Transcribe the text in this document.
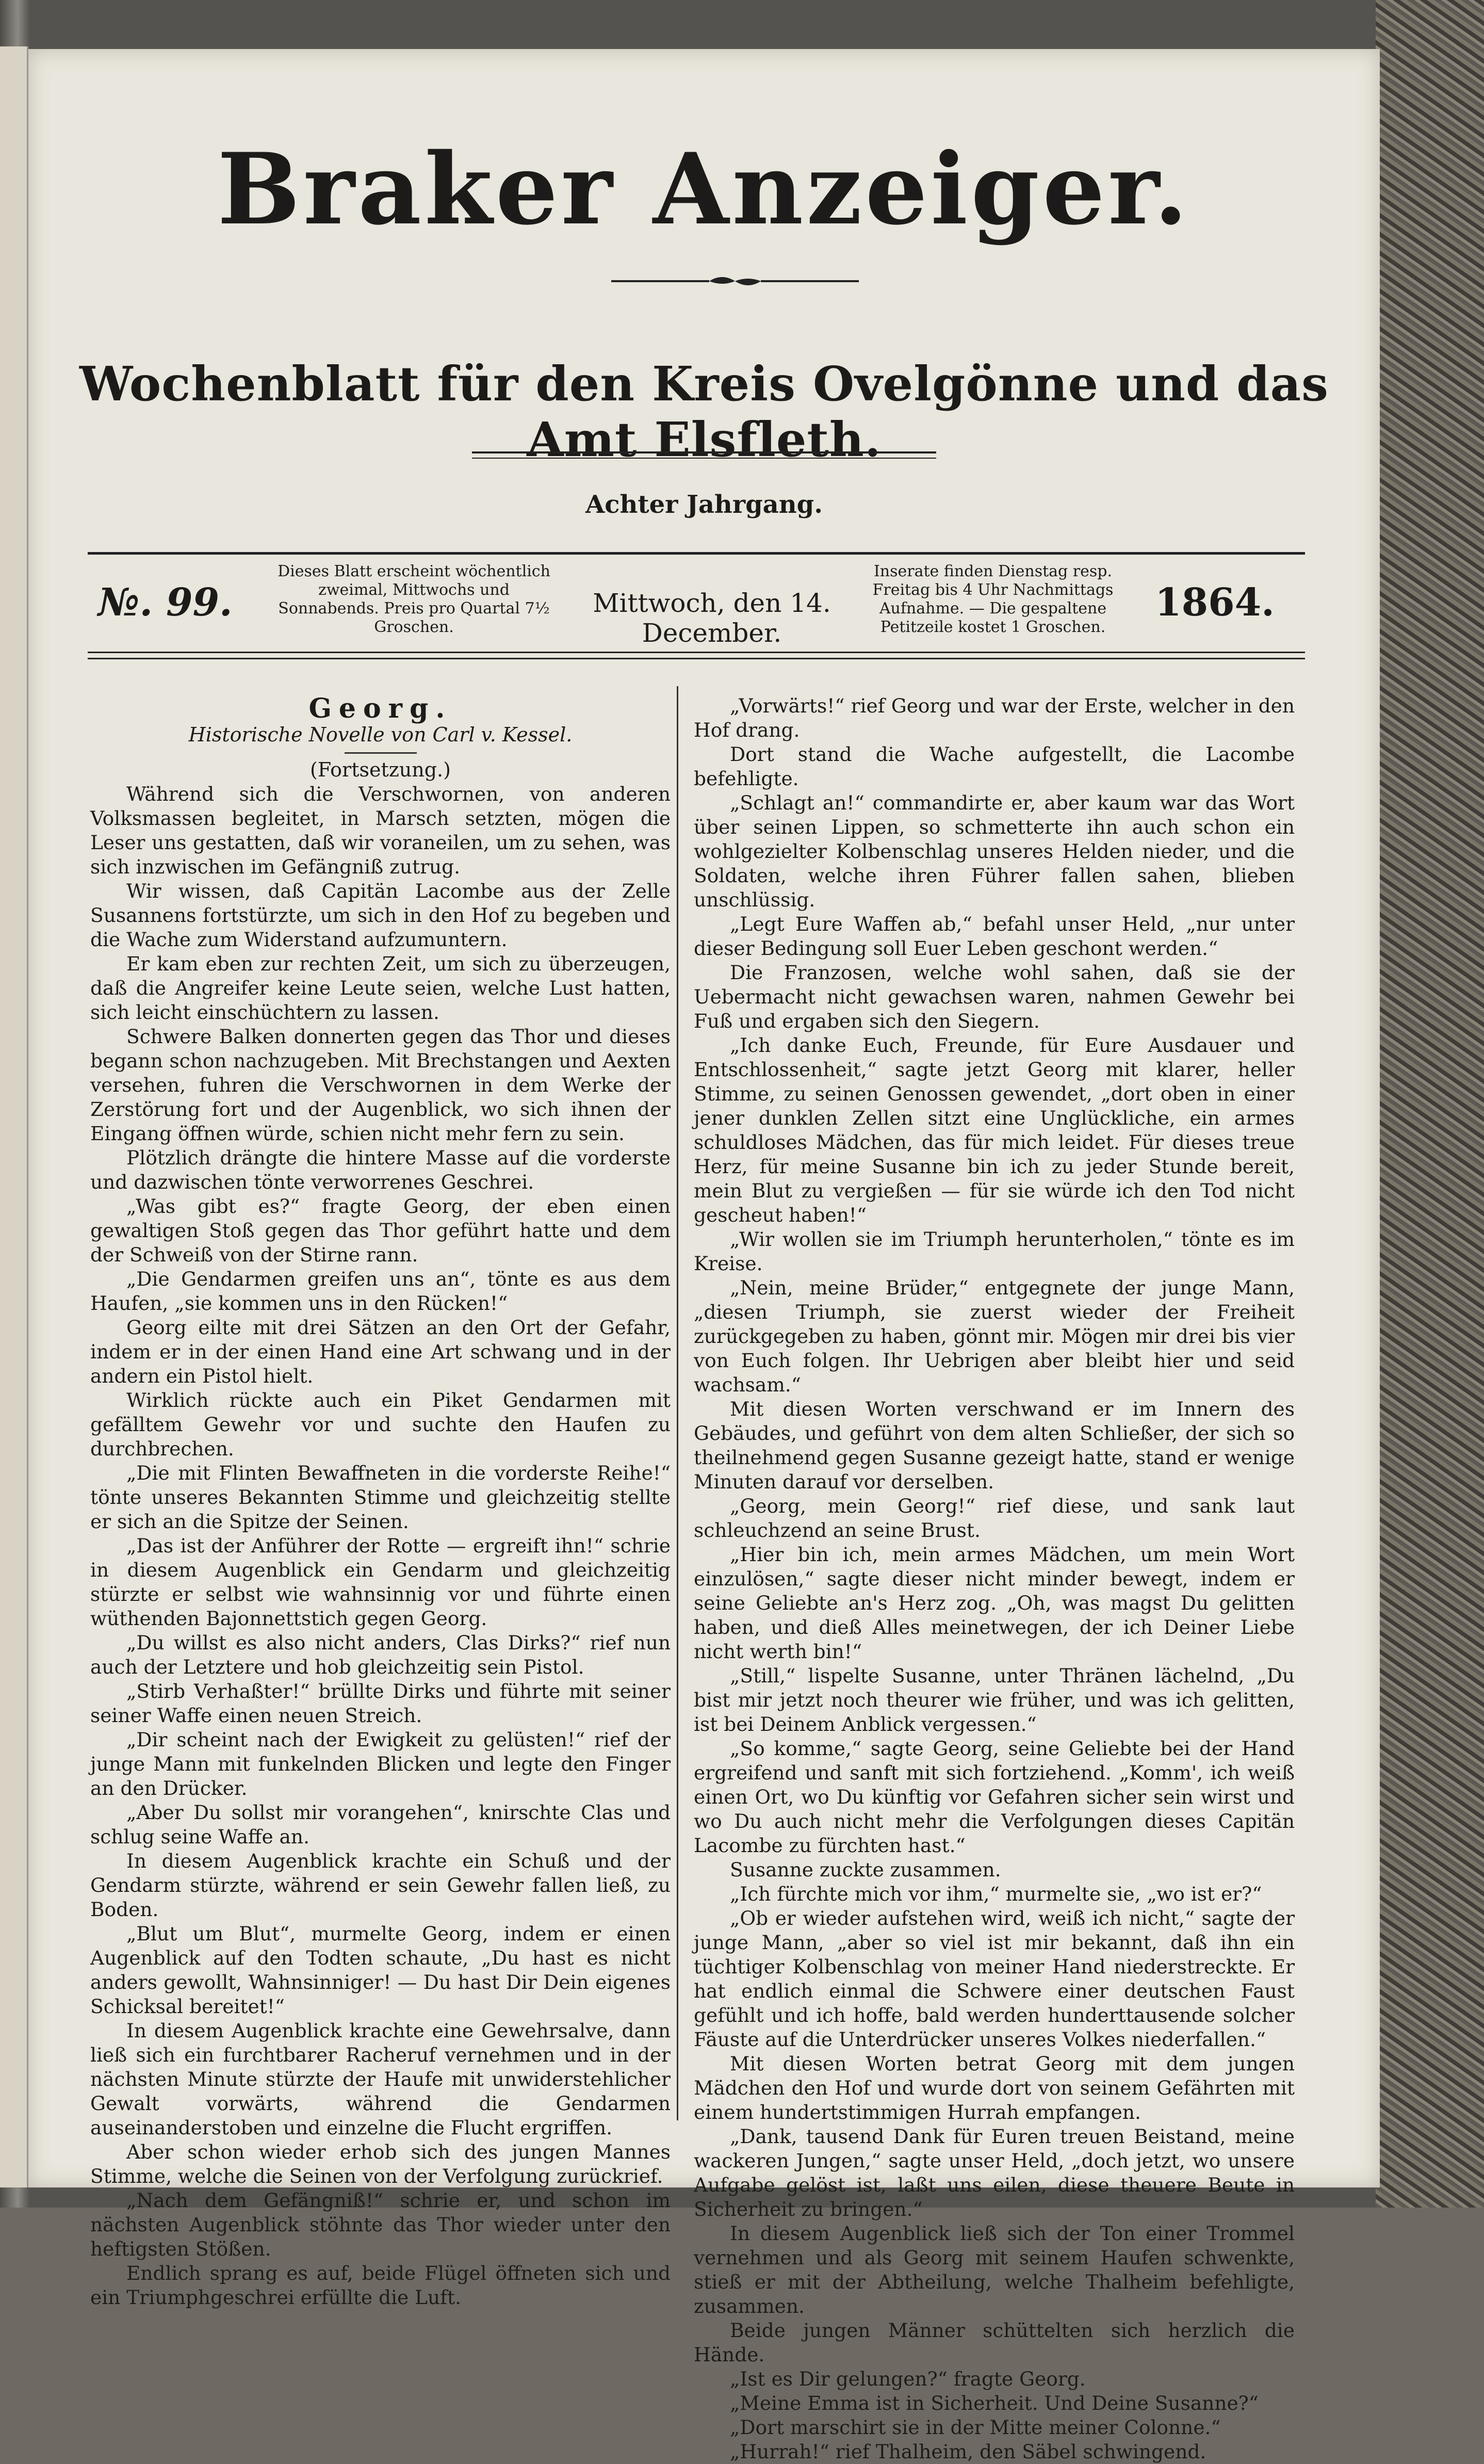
Braker Anzeiger.
Wochenblatt für den Kreis Ovelgönne und das Amt Elsfleth.
Achter Jahrgang.
№. 99.
Dieses Blatt erscheint wöchentlich zweimal, Mittwochs und Sonnabends. Preis pro Quartal 7½ Groschen.
Mittwoch, den 14. December.
Inserate finden Dienstag resp. Freitag bis 4 Uhr Nachmittags Aufnahme. — Die gespaltene Petitzeile kostet 1 Groschen.
1864.
Georg.
Historische Novelle von Carl v. Kessel.
(Fortsetzung.)

Während sich die Verschwornen, von anderen Volksmassen begleitet, in Marsch setzten, mögen die Leser uns gestatten, daß wir voraneilen, um zu sehen, was sich inzwischen im Gefängniß zutrug.

Wir wissen, daß Capitän Lacombe aus der Zelle Susannens fortstürzte, um sich in den Hof zu begeben und die Wache zum Widerstand aufzumuntern.

Er kam eben zur rechten Zeit, um sich zu überzeugen, daß die Angreifer keine Leute seien, welche Lust hatten, sich leicht einschüchtern zu lassen.

Schwere Balken donnerten gegen das Thor und dieses begann schon nachzugeben. Mit Brechstangen und Aexten versehen, fuhren die Verschwornen in dem Werke der Zerstörung fort und der Augenblick, wo sich ihnen der Eingang öffnen würde, schien nicht mehr fern zu sein.

Plötzlich drängte die hintere Masse auf die vorderste und dazwischen tönte verworrenes Geschrei.

„Was gibt es?“ fragte Georg, der eben einen gewaltigen Stoß gegen das Thor geführt hatte und dem der Schweiß von der Stirne rann.

„Die Gendarmen greifen uns an“, tönte es aus dem Haufen, „sie kommen uns in den Rücken!“

Georg eilte mit drei Sätzen an den Ort der Gefahr, indem er in der einen Hand eine Art schwang und in der andern ein Pistol hielt.

Wirklich rückte auch ein Piket Gendarmen mit gefälltem Gewehr vor und suchte den Haufen zu durchbrechen.

„Die mit Flinten Bewaffneten in die vorderste Reihe!“ tönte unseres Bekannten Stimme und gleichzeitig stellte er sich an die Spitze der Seinen.

„Das ist der Anführer der Rotte — ergreift ihn!“ schrie in diesem Augenblick ein Gendarm und gleichzeitig stürzte er selbst wie wahnsinnig vor und führte einen wüthenden Bajonnettstich gegen Georg.

„Du willst es also nicht anders, Clas Dirks?“ rief nun auch der Letztere und hob gleichzeitig sein Pistol.

„Stirb Verhaßter!“ brüllte Dirks und führte mit seiner seiner Waffe einen neuen Streich.

„Dir scheint nach der Ewigkeit zu gelüsten!“ rief der junge Mann mit funkelnden Blicken und legte den Finger an den Drücker.

„Aber Du sollst mir vorangehen“, knirschte Clas und schlug seine Waffe an.

In diesem Augenblick krachte ein Schuß und der Gendarm stürzte, während er sein Gewehr fallen ließ, zu Boden.

„Blut um Blut“, murmelte Georg, indem er einen Augenblick auf den Todten schaute, „Du hast es nicht anders gewollt, Wahnsinniger! — Du hast Dir Dein eigenes Schicksal bereitet!“

In diesem Augenblick krachte eine Gewehrsalve, dann ließ sich ein furchtbarer Racheruf vernehmen und in der nächsten Minute stürzte der Haufe mit unwiderstehlicher Gewalt vorwärts, während die Gendarmen auseinanderstoben und einzelne die Flucht ergriffen.

Aber schon wieder erhob sich des jungen Mannes Stimme, welche die Seinen von der Verfolgung zurückrief.

„Nach dem Gefängniß!“ schrie er, und schon im nächsten Augenblick stöhnte das Thor wieder unter den heftigsten Stößen.

Endlich sprang es auf, beide Flügel öffneten sich und ein Triumphgeschrei erfüllte die Luft.

„Vorwärts!“ rief Georg und war der Erste, welcher in den Hof drang.

Dort stand die Wache aufgestellt, die Lacombe befehligte.

„Schlagt an!“ commandirte er, aber kaum war das Wort über seinen Lippen, so schmetterte ihn auch schon ein wohlgezielter Kolbenschlag unseres Helden nieder, und die Soldaten, welche ihren Führer fallen sahen, blieben unschlüssig.

„Legt Eure Waffen ab,“ befahl unser Held, „nur unter dieser Bedingung soll Euer Leben geschont werden.“

Die Franzosen, welche wohl sahen, daß sie der Uebermacht nicht gewachsen waren, nahmen Gewehr bei Fuß und ergaben sich den Siegern.

„Ich danke Euch, Freunde, für Eure Ausdauer und Entschlossenheit,“ sagte jetzt Georg mit klarer, heller Stimme, zu seinen Genossen gewendet, „dort oben in einer jener dunklen Zellen sitzt eine Unglückliche, ein armes schuldloses Mädchen, das für mich leidet. Für dieses treue Herz, für meine Susanne bin ich zu jeder Stunde bereit, mein Blut zu vergießen — für sie würde ich den Tod nicht gescheut haben!“

„Wir wollen sie im Triumph herunterholen,“ tönte es im Kreise.

„Nein, meine Brüder,“ entgegnete der junge Mann, „diesen Triumph, sie zuerst wieder der Freiheit zurückgegeben zu haben, gönnt mir. Mögen mir drei bis vier von Euch folgen. Ihr Uebrigen aber bleibt hier und seid wachsam.“

Mit diesen Worten verschwand er im Innern des Gebäudes, und geführt von dem alten Schließer, der sich so theilnehmend gegen Susanne gezeigt hatte, stand er wenige Minuten darauf vor derselben.

„Georg, mein Georg!“ rief diese, und sank laut schleuchzend an seine Brust.

„Hier bin ich, mein armes Mädchen, um mein Wort einzulösen,“ sagte dieser nicht minder bewegt, indem er seine Geliebte an's Herz zog. „Oh, was magst Du gelitten haben, und dieß Alles meinetwegen, der ich Deiner Liebe nicht werth bin!“

„Still,“ lispelte Susanne, unter Thränen lächelnd, „Du bist mir jetzt noch theurer wie früher, und was ich gelitten, ist bei Deinem Anblick vergessen.“

„So komme,“ sagte Georg, seine Geliebte bei der Hand ergreifend und sanft mit sich fortziehend. „Komm', ich weiß einen Ort, wo Du künftig vor Gefahren sicher sein wirst und wo Du auch nicht mehr die Verfolgungen dieses Capitän Lacombe zu fürchten hast.“

Susanne zuckte zusammen.

„Ich fürchte mich vor ihm,“ murmelte sie, „wo ist er?“

„Ob er wieder aufstehen wird, weiß ich nicht,“ sagte der junge Mann, „aber so viel ist mir bekannt, daß ihn ein tüchtiger Kolbenschlag von meiner Hand niederstreckte. Er hat endlich einmal die Schwere einer deutschen Faust gefühlt und ich hoffe, bald werden hunderttausende solcher Fäuste auf die Unterdrücker unseres Volkes niederfallen.“

Mit diesen Worten betrat Georg mit dem jungen Mädchen den Hof und wurde dort von seinem Gefährten mit einem hundertstimmigen Hurrah empfangen.

„Dank, tausend Dank für Euren treuen Beistand, meine wackeren Jungen,“ sagte unser Held, „doch jetzt, wo unsere Aufgabe gelöst ist, laßt uns eilen, diese theuere Beute in Sicherheit zu bringen.“

In diesem Augenblick ließ sich der Ton einer Trommel vernehmen und als Georg mit seinem Haufen schwenkte, stieß er mit der Abtheilung, welche Thalheim befehligte, zusammen.

Beide jungen Männer schüttelten sich herzlich die Hände.

„Ist es Dir gelungen?“ fragte Georg.

„Meine Emma ist in Sicherheit. Und Deine Susanne?“

„Dort marschirt sie in der Mitte meiner Colonne.“

„Hurrah!“ rief Thalheim, den Säbel schwingend.
